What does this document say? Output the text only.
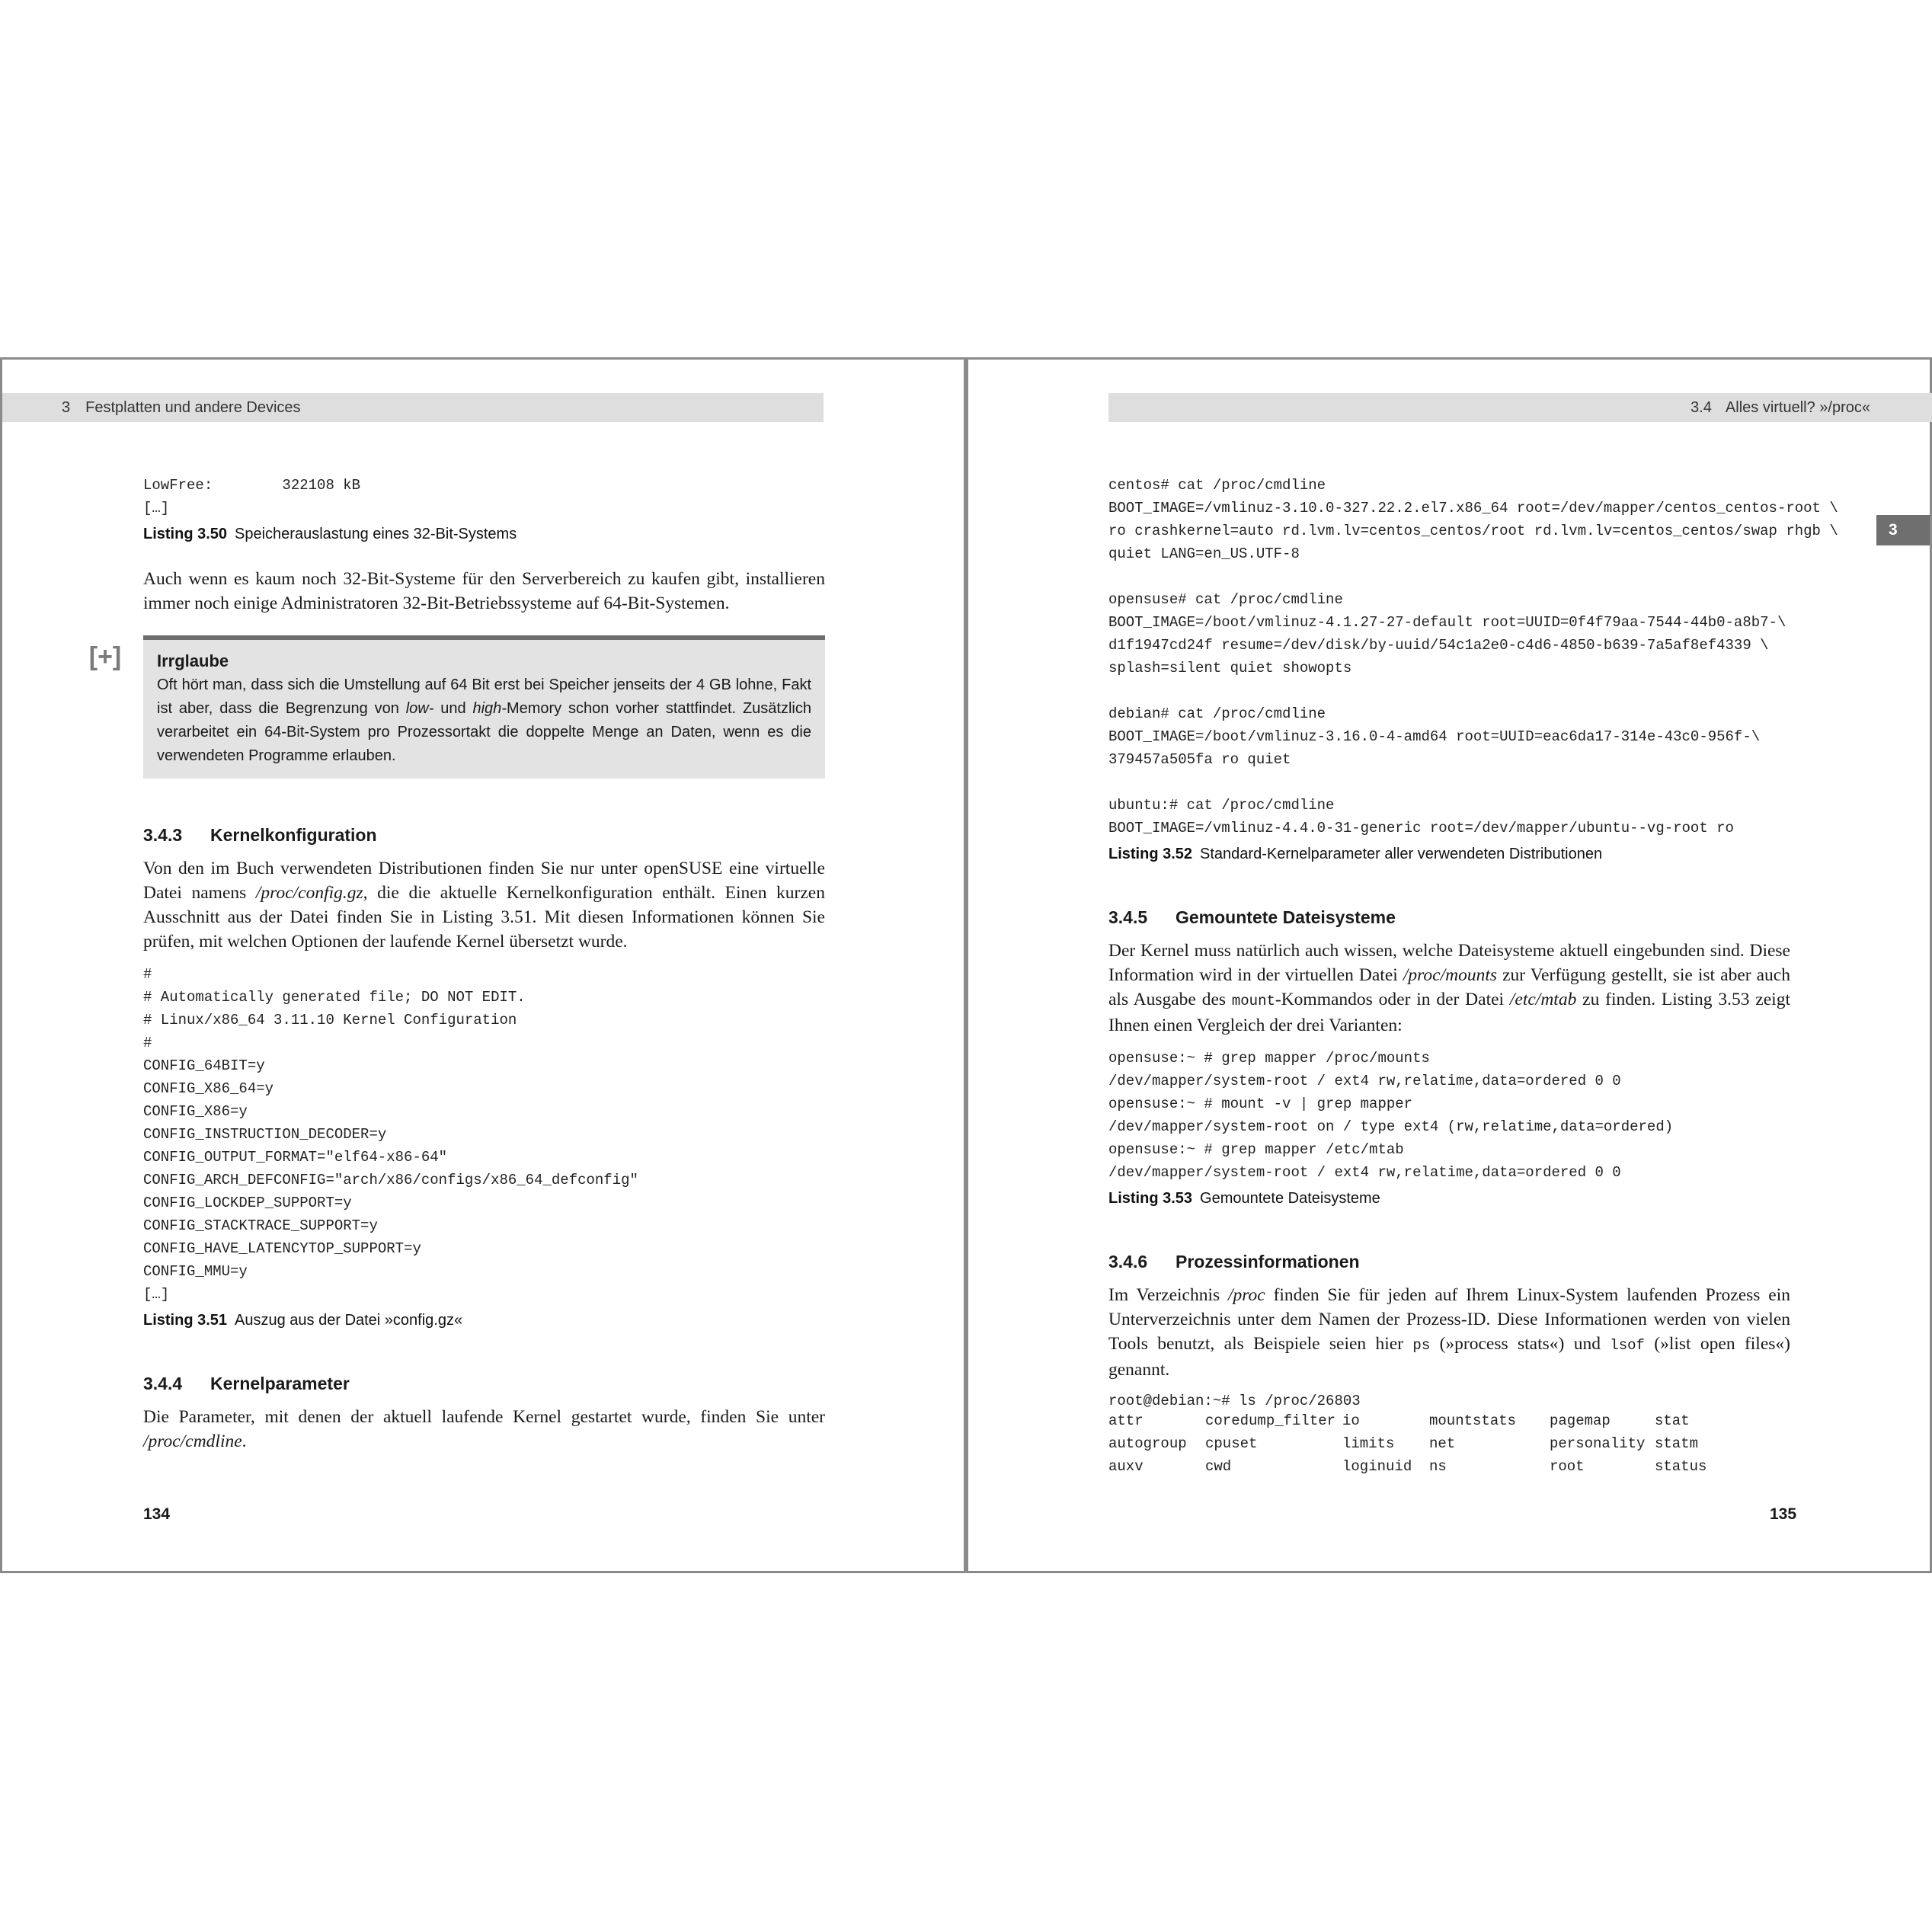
3 Festplatten und andere Devices
LowFree:        322108 kB
[…]
Listing 3.50 Speicherauslastung eines 32-Bit-Systems

Auch wenn es kaum noch 32-Bit-Systeme für den Serverbereich zu kaufen gibt, installieren immer noch einige Administratoren 32-Bit-Betriebssysteme auf 64-Bit-Systemen.

[+] Irrglaube
Oft hört man, dass sich die Umstellung auf 64 Bit erst bei Speicher jenseits der 4 GB lohne, Fakt ist aber, dass die Begrenzung von low- und high-Memory schon vorher stattfindet. Zusätzlich verarbeitet ein 64-Bit-System pro Prozessortakt die doppelte Menge an Daten, wenn es die verwendeten Programme erlauben.
3.4.3 Kernelkonfiguration

Von den im Buch verwendeten Distributionen finden Sie nur unter openSUSE eine virtuelle Datei namens /proc/config.gz, die die aktuelle Kernelkonfiguration enthält. Einen kurzen Ausschnitt aus der Datei finden Sie in Listing 3.51. Mit diesen Informationen können Sie prüfen, mit welchen Optionen der laufende Kernel übersetzt wurde.

#
# Automatically generated file; DO NOT EDIT.
# Linux/x86_64 3.11.10 Kernel Configuration
#
CONFIG_64BIT=y
CONFIG_X86_64=y
CONFIG_X86=y
CONFIG_INSTRUCTION_DECODER=y
CONFIG_OUTPUT_FORMAT="elf64-x86-64"
CONFIG_ARCH_DEFCONFIG="arch/x86/configs/x86_64_defconfig"
CONFIG_LOCKDEP_SUPPORT=y
CONFIG_STACKTRACE_SUPPORT=y
CONFIG_HAVE_LATENCYTOP_SUPPORT=y
CONFIG_MMU=y
[…]
Listing 3.51 Auszug aus der Datei »config.gz«
3.4.4 Kernelparameter

Die Parameter, mit denen der aktuell laufende Kernel gestartet wurde, finden Sie unter /proc/cmdline.

134
3.4 Alles virtuell? »/proc«
3
centos# cat /proc/cmdline
BOOT_IMAGE=/vmlinuz-3.10.0-327.22.2.el7.x86_64 root=/dev/mapper/centos_centos-root \
ro crashkernel=auto rd.lvm.lv=centos_centos/root rd.lvm.lv=centos_centos/swap rhgb \
quiet LANG=en_US.UTF-8

opensuse# cat /proc/cmdline
BOOT_IMAGE=/boot/vmlinuz-4.1.27-27-default root=UUID=0f4f79aa-7544-44b0-a8b7-\
d1f1947cd24f resume=/dev/disk/by-uuid/54c1a2e0-c4d6-4850-b639-7a5af8ef4339 \
splash=silent quiet showopts

debian# cat /proc/cmdline
BOOT_IMAGE=/boot/vmlinuz-3.16.0-4-amd64 root=UUID=eac6da17-314e-43c0-956f-\
379457a505fa ro quiet

ubuntu:# cat /proc/cmdline
BOOT_IMAGE=/vmlinuz-4.4.0-31-generic root=/dev/mapper/ubuntu--vg-root ro
Listing 3.52 Standard-Kernelparameter aller verwendeten Distributionen
3.4.5 Gemountete Dateisysteme

Der Kernel muss natürlich auch wissen, welche Dateisysteme aktuell eingebunden sind. Diese Information wird in der virtuellen Datei /proc/mounts zur Verfügung gestellt, sie ist aber auch als Ausgabe des mount-Kommandos oder in der Datei /etc/mtab zu finden. Listing 3.53 zeigt Ihnen einen Vergleich der drei Varianten:

opensuse:~ # grep mapper /proc/mounts
/dev/mapper/system-root / ext4 rw,relatime,data=ordered 0 0
opensuse:~ # mount -v | grep mapper
/dev/mapper/system-root on / type ext4 (rw,relatime,data=ordered)
opensuse:~ # grep mapper /etc/mtab
/dev/mapper/system-root / ext4 rw,relatime,data=ordered 0 0
Listing 3.53 Gemountete Dateisysteme
3.4.6 Prozessinformationen

Im Verzeichnis /proc finden Sie für jeden auf Ihrem Linux-System laufenden Prozess ein Unterverzeichnis unter dem Namen der Prozess-ID. Diese Informationen werden von vielen Tools benutzt, als Beispiele seien hier ps (»process stats«) und lsof (»list open files«) genannt.

root@debian:~# ls /proc/26803
attr	coredump_filter	io	mountstats	pagemap	stat
autogroup	cpuset	limits	net	personality	statm
auxv	cwd	loginuid	ns	root	status
135
